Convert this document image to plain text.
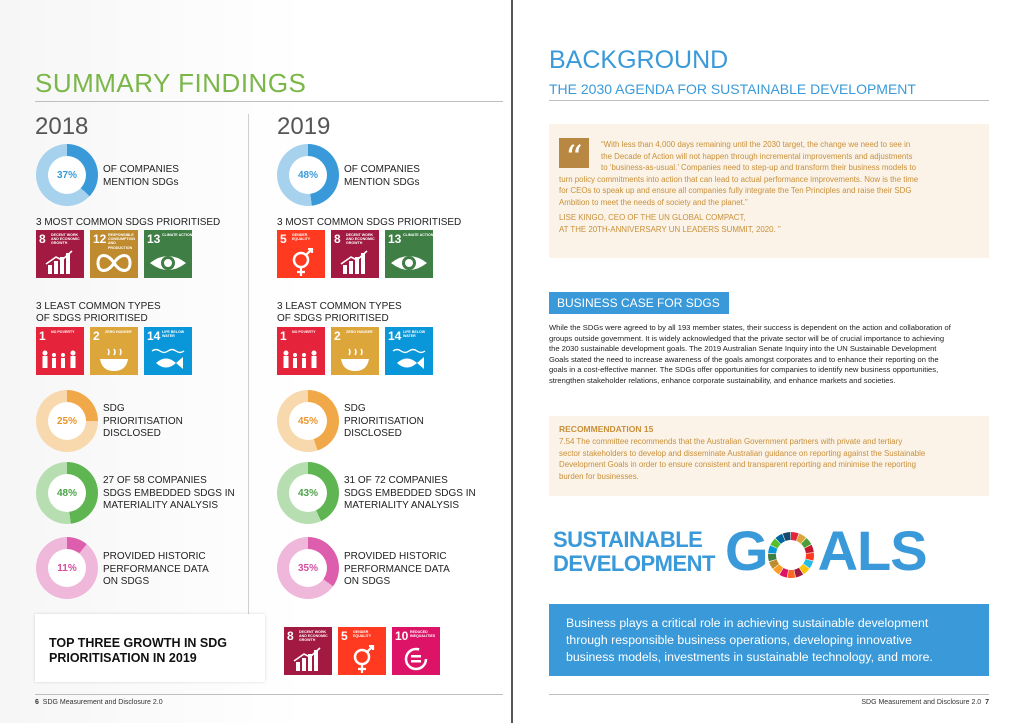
SUMMARY FINDINGS
2018	2019
37%	OF COMPANIES
MENTION SDGs
3 MOST COMMON SDGS PRIORITISED
8 DECENT WORK AND ECONOMIC GROWTH	12 RESPONSIBLE CONSUMPTION AND PRODUCTION
13 CLIMATE ACTION
3 LEAST COMMON TYPES
OF SDGS PRIORITISED
1 NO POVERTY	2 ZERO HUNGER	14 LIFE BELOW WATER
25%
SDG
PRIORITISATION
DISCLOSED
48%
27 OF 58 COMPANIES
SDGS EMBEDDED SDGS IN
MATERIALITY ANALYSIS
11%
PROVIDED HISTORIC
PERFORMANCE DATA
ON SDGS
48%	OF COMPANIES
MENTION SDGs
3 MOST COMMON SDGS PRIORITISED
5 GENDER EQUALITY	8 DECENT WORK AND ECONOMIC GROWTH	13 CLIMATE ACTION
3 LEAST COMMON TYPES
OF SDGS PRIORITISED
1 NO POVERTY	2 ZERO HUNGER	14 LIFE BELOW WATER
45%
SDG
PRIORITISATION
DISCLOSED
43%
31 OF 72 COMPANIES
SDGS EMBEDDED SDGS IN
MATERIALITY ANALYSIS
35%
PROVIDED HISTORIC
PERFORMANCE DATA
ON SDGS
TOP THREE GROWTH IN SDG
PRIORITISATION IN 2019
8 DECENT WORK AND ECONOMIC GROWTH	5 GENDER EQUALITY	10 REDUCED INEQUALITIES
6 SDG Measurement and Disclosure 2.0
BACKGROUND
THE 2030 AGENDA FOR SUSTAINABLE DEVELOPMENT
“	“With less than 4,000 days remaining until the 2030 target, the change we need to see in
the Decade of Action will not happen through incremental improvements and adjustments
to ‘business-as-usual.’ Companies need to step-up and transform their business models to
turn policy commitments into action that can lead to actual performance improvements. Now is the time
for CEOs to speak up and ensure all companies fully integrate the Ten Principles and raise their SDG
Ambition to meet the needs of society and the planet.”
LISE KINGO, CEO OF THE UN GLOBAL COMPACT,
AT THE 20TH-ANNIVERSARY UN LEADERS SUMMIT, 2020. ”
BUSINESS CASE FOR SDGS
While the SDGs were agreed to by all 193 member states, their success is dependent on the action and collaboration of
groups outside government. It is widely acknowledged that the private sector will be of crucial importance to achieving
the 2030 sustainable development goals. The 2019 Australian Senate Inquiry into the UN Sustainable Development
Goals stated the need to increase awareness of the goals amongst corporates and to enhance their reporting on the
goals in a cost-effective manner. The SDGs offer opportunities for companies to identify new business opportunities,
strengthen stakeholder relations, enhance corporate sustainability, and enhance markets and societies.
RECOMMENDATION 15
7.54 The committee recommends that the Australian Government partners with private and tertiary
sector stakeholders to develop and disseminate Australian guidance on reporting against the Sustainable
Development Goals in order to ensure consistent and transparent reporting and minimise the reporting
burden for businesses.
SUSTAINABLE
DEVELOPMENT G ALS
Business plays a critical role in achieving sustainable development
through responsible business operations, developing innovative
business models, investments in sustainable technology, and more.
SDG Measurement and Disclosure 2.0 7
